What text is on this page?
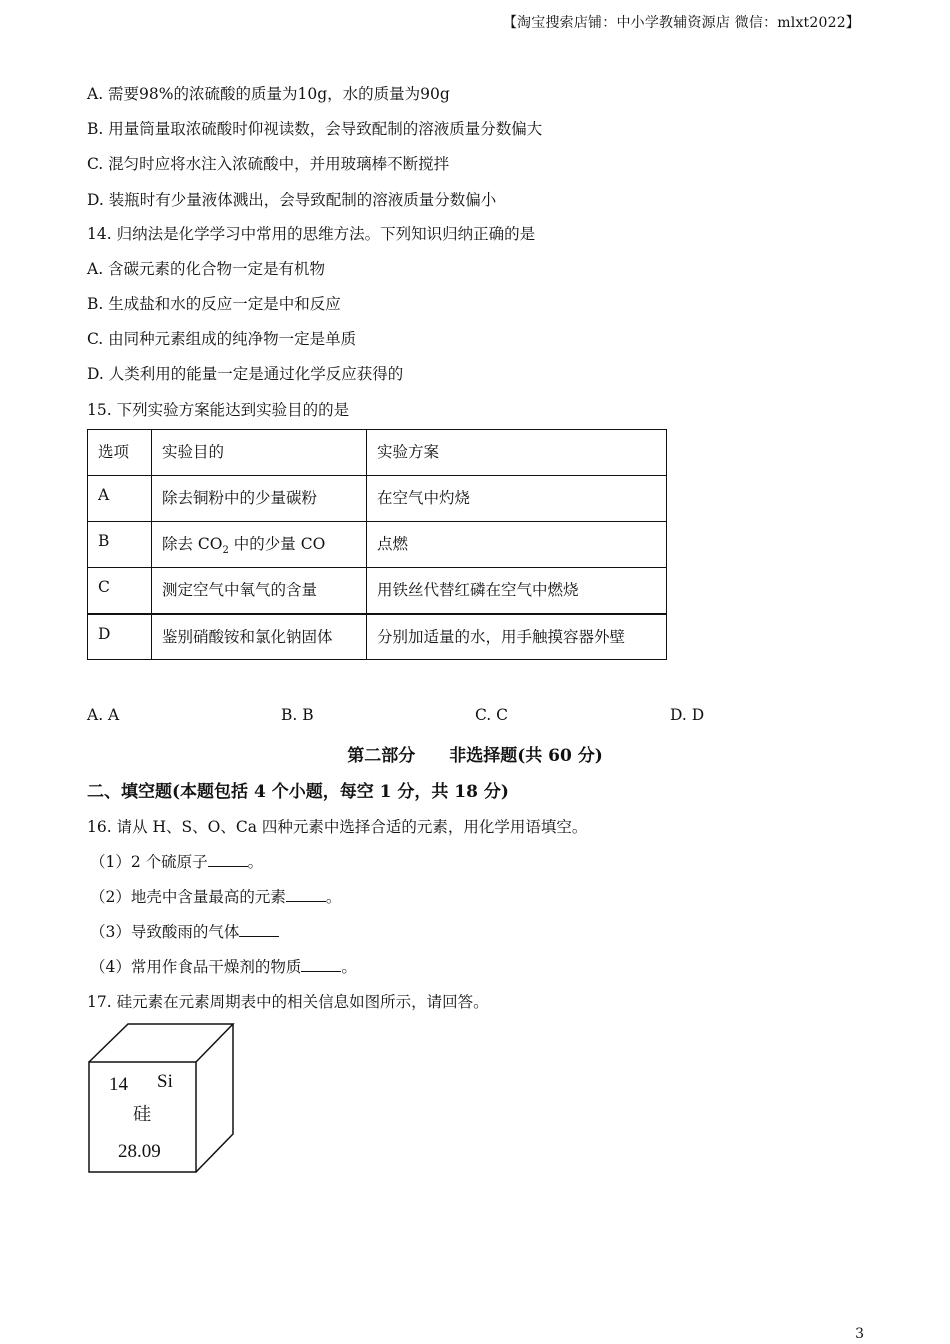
【淘宝搜索店铺：中小学教辅资源店 微信：mlxt2022】
A. 需要98%的浓硫酸的质量为10g，水的质量为90g
B. 用量筒量取浓硫酸时仰视读数，会导致配制的溶液质量分数偏大
C. 混匀时应将水注入浓硫酸中，并用玻璃棒不断搅拌
D. 装瓶时有少量液体溅出，会导致配制的溶液质量分数偏小
14. 归纳法是化学学习中常用的思维方法。下列知识归纳正确的是
A. 含碳元素的化合物一定是有机物
B. 生成盐和水的反应一定是中和反应
C. 由同种元素组成的纯净物一定是单质
D. 人类利用的能量一定是通过化学反应获得的
15. 下列实验方案能达到实验目的的是
选项	实验目的	实验方案
A	除去铜粉中的少量碳粉	在空气中灼烧
B	除去 $CO_2$ 中的少量 CO	点燃
C	测定空气中氧气的含量	用铁丝代替红磷在空气中燃烧
D	鉴别硝酸铵和氯化钠固体	分别加适量的水，用手触摸容器外壁
A. A	B. B	C. C	D. D
第二部分　　非选择题(共 60 分)
二、填空题(本题包括 4 个小题，每空 1 分，共 18 分)
16. 请从 H、S、O、Ca 四种元素中选择合适的元素，用化学用语填空。
（1）2 个硫原子	。
（2）地壳中含量最高的元素	。
（3）导致酸雨的气体
（4）常用作食品干燥剂的物质	。
17. 硅元素在元素周期表中的相关信息如图所示，请回答。
14 Si
硅
28.09
3
